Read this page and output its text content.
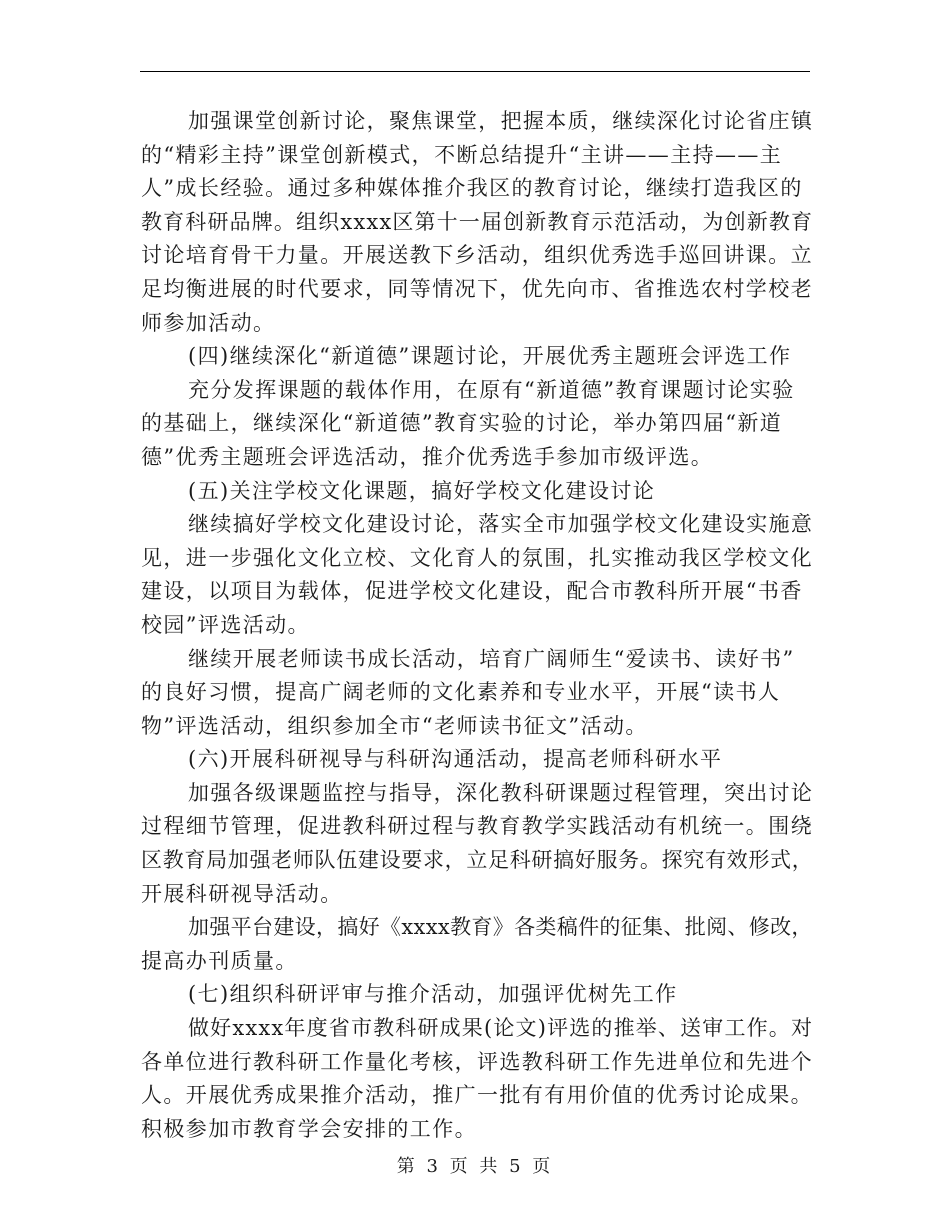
加强课堂创新讨论，聚焦课堂，把握本质，继续深化讨论省庄镇
的“精彩主持”课堂创新模式，不断总结提升“主讲——主持——主
人”成长经验。通过多种媒体推介我区的教育讨论，继续打造我区的
教育科研品牌。组织xxxx区第十一届创新教育示范活动，为创新教育
讨论培育骨干力量。开展送教下乡活动，组织优秀选手巡回讲课。立
足均衡进展的时代要求，同等情况下，优先向市、省推选农村学校老
师参加活动。
(四)继续深化“新道德”课题讨论，开展优秀主题班会评选工作
充分发挥课题的载体作用，在原有“新道德”教育课题讨论实验
的基础上，继续深化“新道德”教育实验的讨论，举办第四届“新道
德”优秀主题班会评选活动，推介优秀选手参加市级评选。
(五)关注学校文化课题，搞好学校文化建设讨论
继续搞好学校文化建设讨论，落实全市加强学校文化建设实施意
见，进一步强化文化立校、文化育人的氛围，扎实推动我区学校文化
建设，以项目为载体，促进学校文化建设，配合市教科所开展“书香
校园”评选活动。
继续开展老师读书成长活动，培育广阔师生“爱读书、读好书”
的良好习惯，提高广阔老师的文化素养和专业水平，开展“读书人
物”评选活动，组织参加全市“老师读书征文”活动。
(六)开展科研视导与科研沟通活动，提高老师科研水平
加强各级课题监控与指导，深化教科研课题过程管理，突出讨论
过程细节管理，促进教科研过程与教育教学实践活动有机统一。围绕
区教育局加强老师队伍建设要求，立足科研搞好服务。探究有效形式，
开展科研视导活动。
加强平台建设，搞好《xxxx教育》各类稿件的征集、批阅、修改，
提高办刊质量。
(七)组织科研评审与推介活动，加强评优树先工作
做好xxxx年度省市教科研成果(论文)评选的推举、送审工作。对
各单位进行教科研工作量化考核，评选教科研工作先进单位和先进个
人。开展优秀成果推介活动，推广一批有有用价值的优秀讨论成果。
积极参加市教育学会安排的工作。
第 3 页 共 5 页
